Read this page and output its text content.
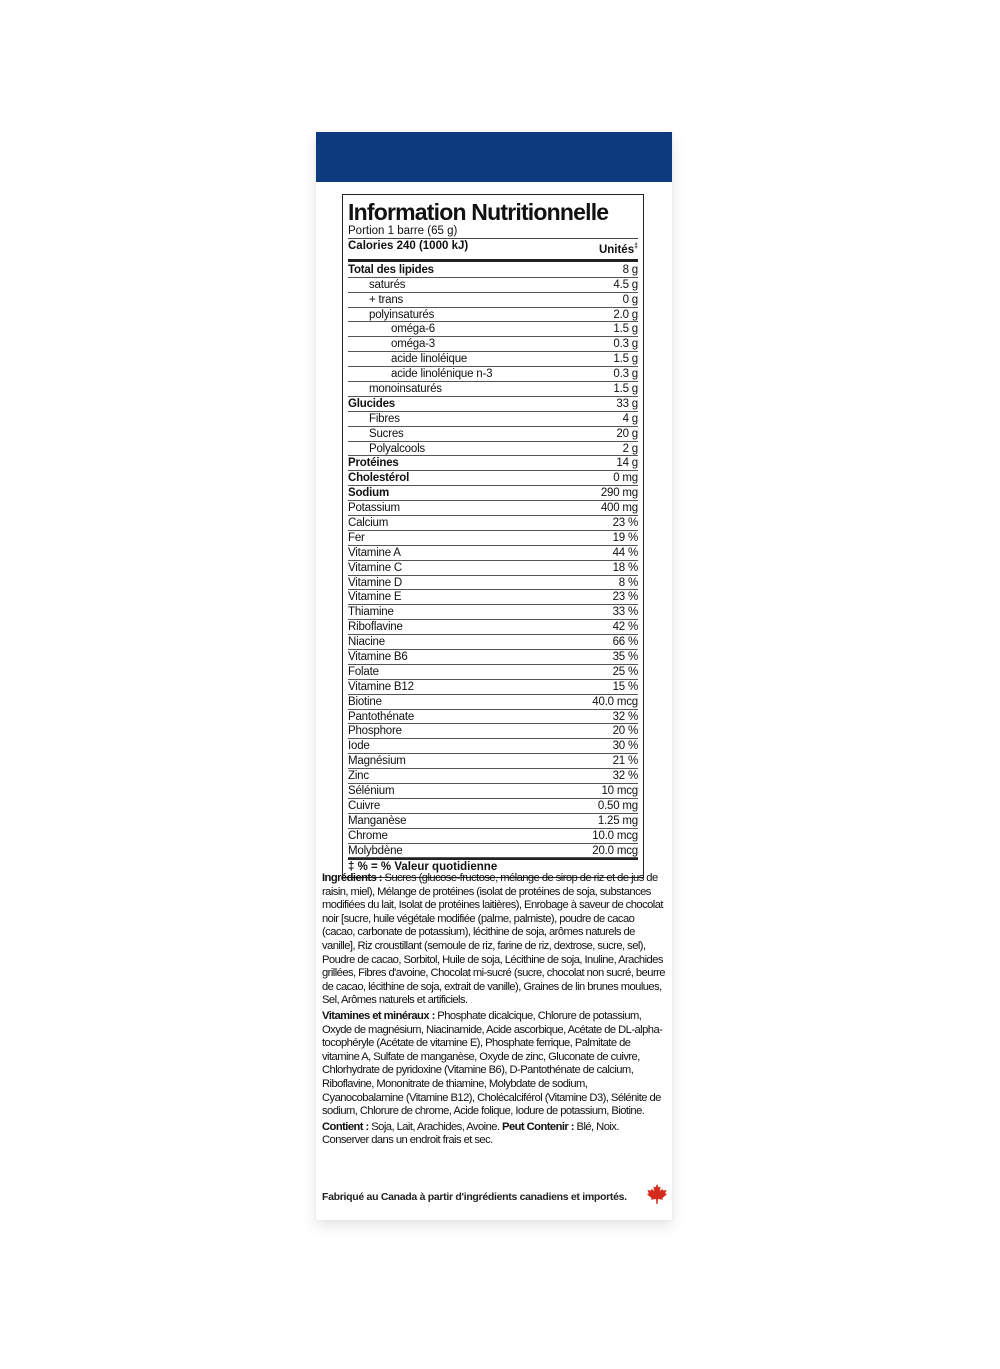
Information Nutritionnelle
Portion 1 barre (65 g)
Calories 240 (1000 kJ)	Unités‡
Total des lipides	8 g
saturés	4.5 g
+ trans	0 g
polyinsaturés	2.0 g
oméga-6	1.5 g
oméga-3	0.3 g
acide linoléique	1.5 g
acide linolénique n-3	0.3 g
monoinsaturés	1.5 g
Glucides	33 g
Fibres	4 g
Sucres	20 g
Polyalcools	2 g
Protéines	14 g
Cholestérol	0 mg
Sodium	290 mg
Potassium	400 mg
Calcium	23 %
Fer	19 %
Vitamine A	44 %
Vitamine C	18 %
Vitamine D	8 %
Vitamine E	23 %
Thiamine	33 %
Riboflavine	42 %
Niacine	66 %
Vitamine B6	35 %
Folate	25 %
Vitamine B12	15 %
Biotine	40.0 mcg
Pantothénate	32 %
Phosphore	20 %
Iode	30 %
Magnésium	21 %
Zinc	32 %
Sélénium	10 mcg
Cuivre	0.50 mg
Manganèse	1.25 mg
Chrome	10.0 mcg
Molybdène	20.0 mcg
‡ % = % Valeur quotidienne

Ingrédients : Sucres (glucose-fructose, mélange de sirop de riz et de jus de raisin, miel), Mélange de protéines (isolat de protéines de soja, substances modifiées du lait, Isolat de protéines laitières), Enrobage à saveur de chocolat noir [sucre, huile végétale modifiée (palme, palmiste), poudre de cacao (cacao, carbonate de potassium), lécithine de soja, arômes naturels de vanille], Riz croustillant (semoule de riz, farine de riz, dextrose, sucre, sel), Poudre de cacao, Sorbitol, Huile de soja, Lécithine de soja, Inuline, Arachides grillées, Fibres d'avoine, Chocolat mi-sucré (sucre, chocolat non sucré, beurre de cacao, lécithine de soja, extrait de vanille), Graines de lin brunes moulues, Sel, Arômes naturels et artificiels.

Vitamines et minéraux : Phosphate dicalcique, Chlorure de potassium, Oxyde de magnésium, Niacinamide, Acide ascorbique, Acétate de DL-alpha-tocophéryle (Acétate de vitamine E), Phosphate ferrique, Palmitate de vitamine A, Sulfate de manganèse, Oxyde de zinc, Gluconate de cuivre, Chlorhydrate de pyridoxine (Vitamine B6), D-Pantothénate de calcium, Riboflavine, Mononitrate de thiamine, Molybdate de sodium, Cyanocobalamine (Vitamine B12), Cholécalciférol (Vitamine D3), Sélénite de sodium, Chlorure de chrome, Acide folique, Iodure de potassium, Biotine.

Contient : Soja, Lait, Arachides, Avoine. Peut Contenir : Blé, Noix.
Conserver dans un endroit frais et sec.

Fabriqué au Canada à partir d'ingrédients canadiens et importés.
